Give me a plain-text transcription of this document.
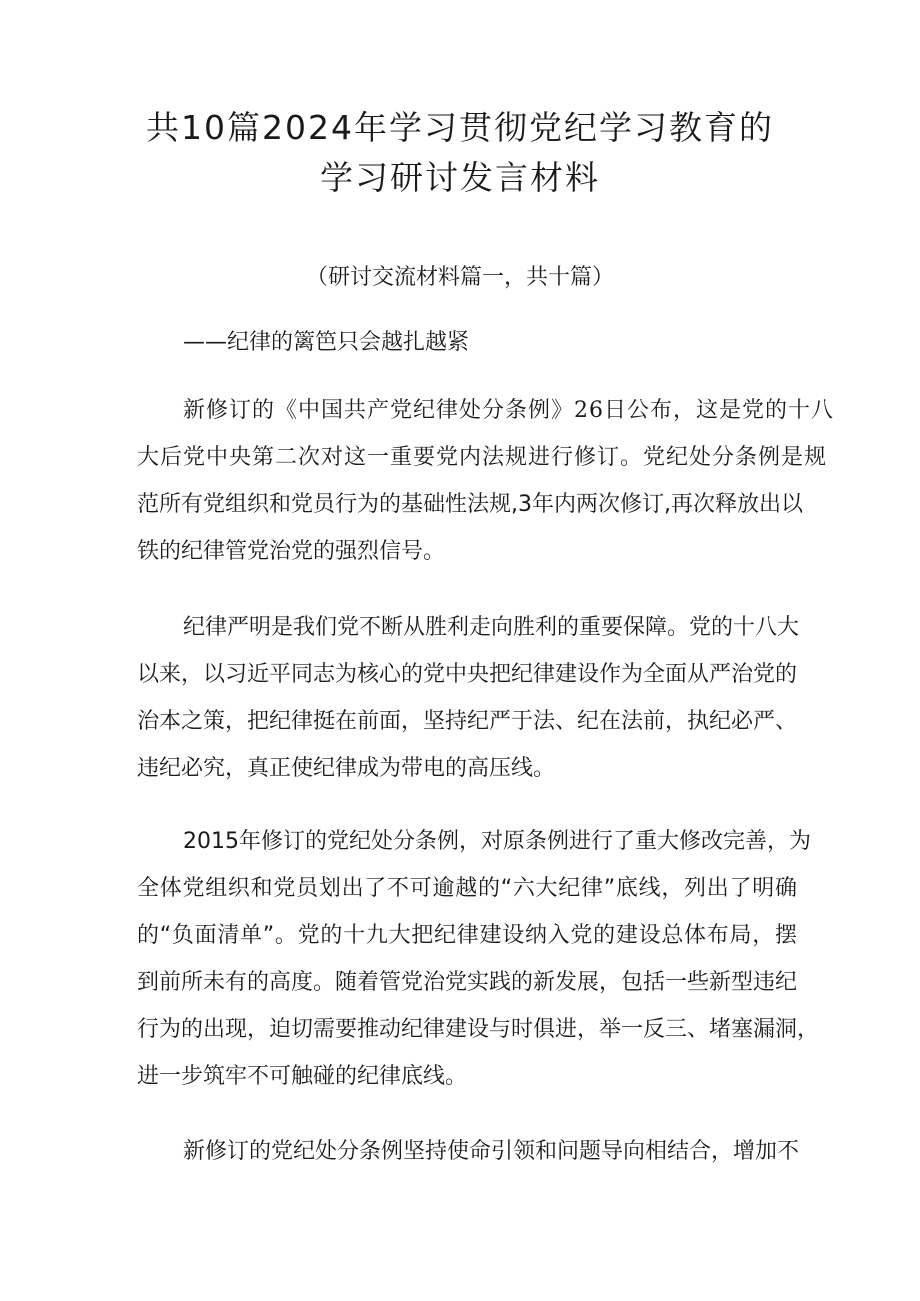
共10篇2024年学习贯彻党纪学习教育的
学习研讨发言材料
（研讨交流材料篇一，共十篇）
——纪律的篱笆只会越扎越紧
新修订的《中国共产党纪律处分条例》26日公布，这是党的十八
大后党中央第二次对这一重要党内法规进行修订。党纪处分条例是规
范所有党组织和党员行为的基础性法规,3年内两次修订,再次释放出以
铁的纪律管党治党的强烈信号。
纪律严明是我们党不断从胜利走向胜利的重要保障。党的十八大
以来，以习近平同志为核心的党中央把纪律建设作为全面从严治党的
治本之策，把纪律挺在前面，坚持纪严于法、纪在法前，执纪必严、
违纪必究，真正使纪律成为带电的高压线。
2015年修订的党纪处分条例，对原条例进行了重大修改完善，为
全体党组织和党员划出了不可逾越的“六大纪律”底线，列出了明确
的“负面清单”。党的十九大把纪律建设纳入党的建设总体布局，摆
到前所未有的高度。随着管党治党实践的新发展，包括一些新型违纪
行为的出现，迫切需要推动纪律建设与时俱进，举一反三、堵塞漏洞，
进一步筑牢不可触碰的纪律底线。
新修订的党纪处分条例坚持使命引领和问题导向相结合，增加不
